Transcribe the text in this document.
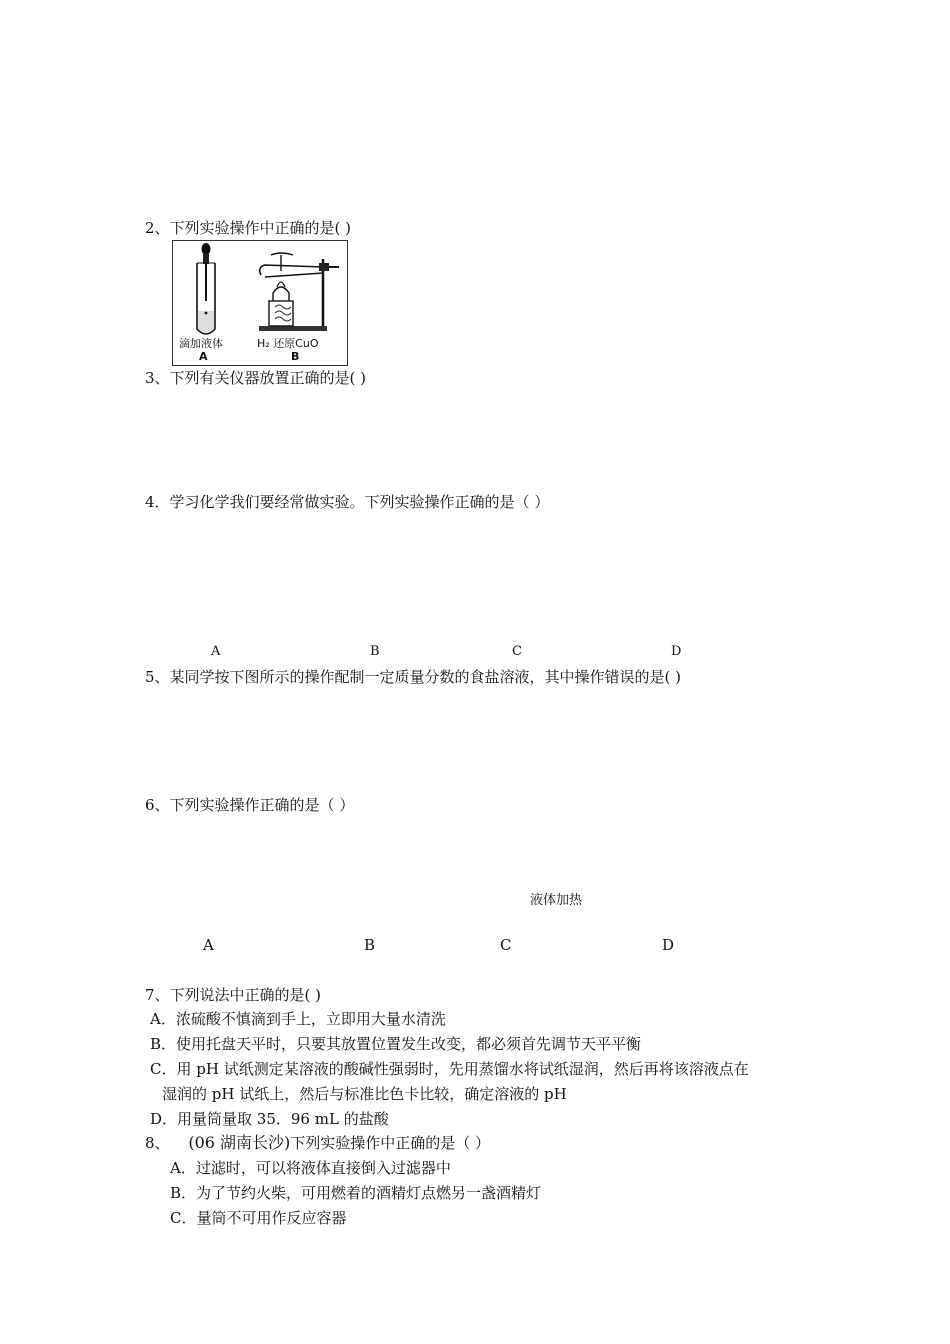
2、下列实验操作中正确的是( )
滴加液体
A
H₂ 还原CuO
B
3、下列有关仪器放置正确的是( )
4．学习化学我们要经常做实验。下列实验操作正确的是（ ）
A	B	C	D
5、某同学按下图所示的操作配制一定质量分数的食盐溶液，其中操作错误的是( )
6、下列实验操作正确的是（ ）
液体加热
A	B	C	D
7、下列说法中正确的是( )
A．浓硫酸不慎滴到手上，立即用大量水清洗
B．使用托盘天平时，只要其放置位置发生改变，都必须首先调节天平平衡
C．用 pH 试纸测定某溶液的酸碱性强弱时，先用蒸馏水将试纸湿润，然后再将该溶液点在
湿润的 pH 试纸上，然后与标准比色卡比较，确定溶液的 pH
D．用量筒量取 35．96 mL 的盐酸
8、 (06 湖南长沙)下列实验操作中正确的是（ ）
A．过滤时，可以将液体直接倒入过滤器中
B．为了节约火柴，可用燃着的酒精灯点燃另一盏酒精灯
C．量筒不可用作反应容器
